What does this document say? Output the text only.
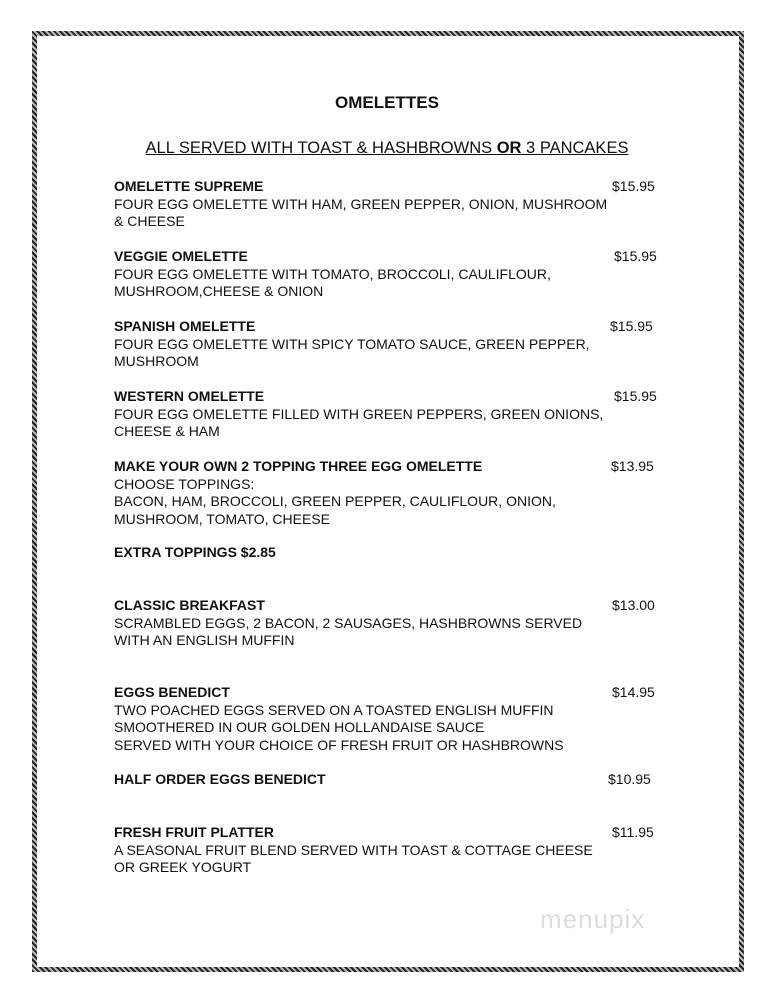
OMELETTES
ALL SERVED WITH TOAST & HASHBROWNS OR 3 PANCAKES
OMELETTE SUPREME	$15.95
FOUR EGG OMELETTE WITH HAM, GREEN PEPPER, ONION, MUSHROOM
& CHEESE
VEGGIE OMELETTE	$15.95
FOUR EGG OMELETTE WITH TOMATO, BROCCOLI, CAULIFLOUR,
MUSHROOM,CHEESE & ONION
SPANISH OMELETTE	$15.95
FOUR EGG OMELETTE WITH SPICY TOMATO SAUCE, GREEN PEPPER,
MUSHROOM
WESTERN OMELETTE	$15.95
FOUR EGG OMELETTE FILLED WITH GREEN PEPPERS, GREEN ONIONS,
CHEESE & HAM
MAKE YOUR OWN 2 TOPPING THREE EGG OMELETTE	$13.95
CHOOSE TOPPINGS:
BACON, HAM, BROCCOLI, GREEN PEPPER, CAULIFLOUR, ONION,
MUSHROOM, TOMATO, CHEESE
EXTRA TOPPINGS $2.85
CLASSIC BREAKFAST	$13.00
SCRAMBLED EGGS, 2 BACON, 2 SAUSAGES, HASHBROWNS SERVED
WITH AN ENGLISH MUFFIN
EGGS BENEDICT	$14.95
TWO POACHED EGGS SERVED ON A TOASTED ENGLISH MUFFIN
SMOOTHERED IN OUR GOLDEN HOLLANDAISE SAUCE
SERVED WITH YOUR CHOICE OF FRESH FRUIT OR HASHBROWNS
HALF ORDER EGGS BENEDICT	$10.95
FRESH FRUIT PLATTER	$11.95
A SEASONAL FRUIT BLEND SERVED WITH TOAST & COTTAGE CHEESE
OR GREEK YOGURT
menupix
